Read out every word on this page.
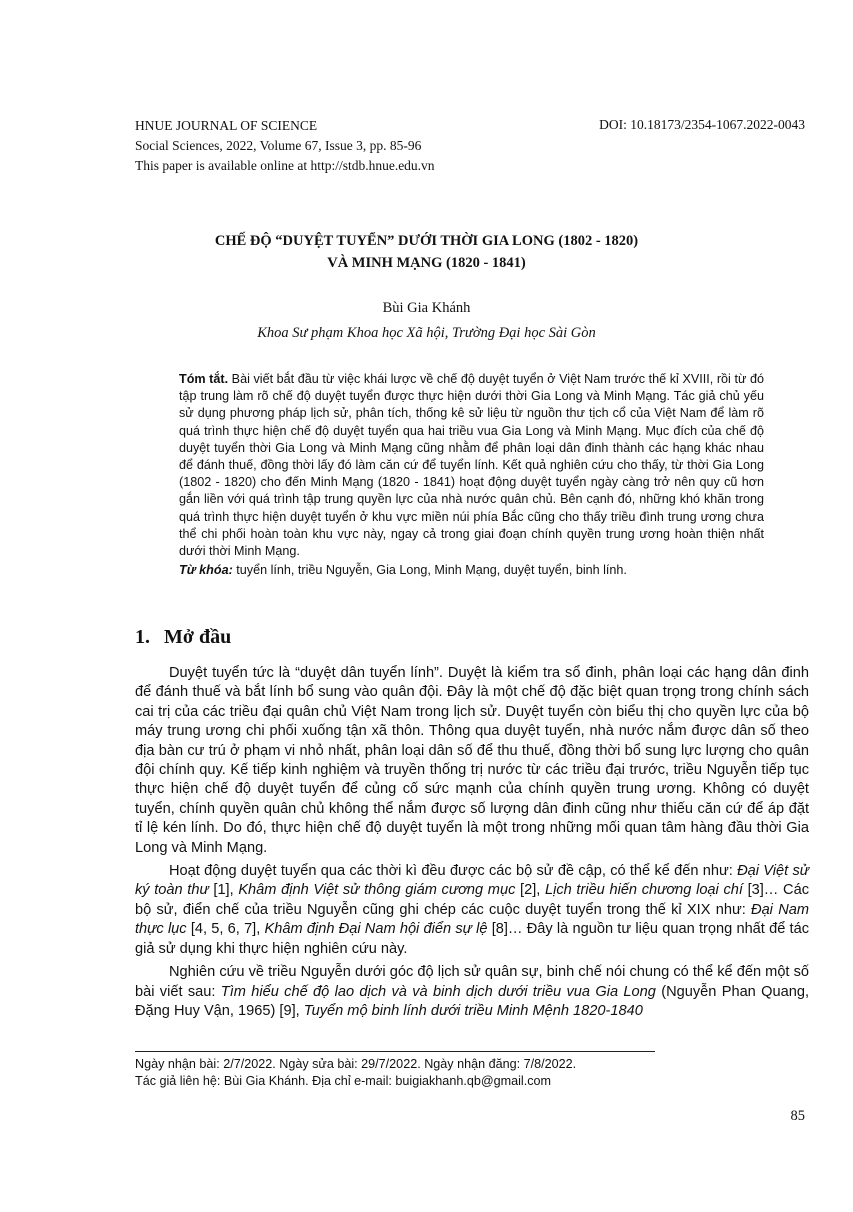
HNUE JOURNAL OF SCIENCE	DOI: 10.18173/2354-1067.2022-0043
Social Sciences, 2022, Volume 67, Issue 3, pp. 85-96
This paper is available online at http://stdb.hnue.edu.vn
CHẾ ĐỘ “DUYỆT TUYỂN” DƯỚI THỜI GIA LONG (1802 - 1820)
VÀ MINH MẠNG (1820 - 1841)
Bùi Gia Khánh
Khoa Sư phạm Khoa học Xã hội, Trường Đại học Sài Gòn

Tóm tắt. Bài viết bắt đầu từ việc khái lược về chế độ duyệt tuyển ở Việt Nam trước thế kỉ XVIII, rồi từ đó tập trung làm rõ chế độ duyệt tuyển được thực hiện dưới thời Gia Long và Minh Mạng. Tác giả chủ yếu sử dụng phương pháp lịch sử, phân tích, thống kê sử liệu từ nguồn thư tịch cổ của Việt Nam để làm rõ quá trình thực hiện chế độ duyệt tuyển qua hai triều vua Gia Long và Minh Mạng. Mục đích của chế độ duyệt tuyển thời Gia Long và Minh Mạng cũng nhằm để phân loại dân đinh thành các hạng khác nhau để đánh thuế, đồng thời lấy đó làm căn cứ để tuyển lính. Kết quả nghiên cứu cho thấy, từ thời Gia Long (1802 - 1820) cho đến Minh Mạng (1820 - 1841) hoạt động duyệt tuyển ngày càng trở nên quy cũ hơn gắn liền với quá trình tập trung quyền lực của nhà nước quân chủ. Bên cạnh đó, những khó khăn trong quá trình thực hiện duyệt tuyển ở khu vực miền núi phía Bắc cũng cho thấy triều đình trung ương chưa thể chi phối hoàn toàn khu vực này, ngay cả trong giai đoạn chính quyền trung ương hoàn thiện nhất dưới thời Minh Mạng.

Từ khóa: tuyển lính, triều Nguyễn, Gia Long, Minh Mạng, duyệt tuyển, binh lính.

1. Mở đầu

Duyệt tuyển tức là “duyệt dân tuyển lính”. Duyệt là kiểm tra sổ đinh, phân loại các hạng dân đinh để đánh thuế và bắt lính bổ sung vào quân đội. Đây là một chế độ đặc biệt quan trọng trong chính sách cai trị của các triều đại quân chủ Việt Nam trong lịch sử. Duyệt tuyển còn biểu thị cho quyền lực của bộ máy trung ương chi phối xuống tận xã thôn. Thông qua duyệt tuyển, nhà nước nắm được dân số theo địa bàn cư trú ở phạm vi nhỏ nhất, phân loại dân số để thu thuế, đồng thời bổ sung lực lượng cho quân đội chính quy. Kế tiếp kinh nghiệm và truyền thống trị nước từ các triều đại trước, triều Nguyễn tiếp tục thực hiện chế độ duyệt tuyển để củng cố sức mạnh của chính quyền trung ương. Không có duyệt tuyển, chính quyền quân chủ không thể nắm được số lượng dân đinh cũng như thiếu căn cứ để áp đặt tỉ lệ kén lính. Do đó, thực hiện chế độ duyệt tuyển là một trong những mối quan tâm hàng đầu thời Gia Long và Minh Mạng.

Hoạt động duyệt tuyển qua các thời kì đều được các bộ sử đề cập, có thể kể đến như: Đại Việt sử ký toàn thư [1], Khâm định Việt sử thông giám cương mục [2], Lịch triều hiến chương loại chí [3]… Các bộ sử, điển chế của triều Nguyễn cũng ghi chép các cuộc duyệt tuyển trong thế kỉ XIX như: Đại Nam thực lục [4, 5, 6, 7], Khâm định Đại Nam hội điển sự lệ [8]… Đây là nguồn tư liệu quan trọng nhất để tác giả sử dụng khi thực hiện nghiên cứu này.

Nghiên cứu về triều Nguyễn dưới góc độ lịch sử quân sự, binh chế nói chung có thể kể đến một số bài viết sau: Tìm hiểu chế độ lao dịch và và binh dịch dưới triều vua Gia Long (Nguyễn Phan Quang, Đặng Huy Vận, 1965) [9], Tuyển mộ binh lính dưới triều Minh Mệnh 1820-1840

Ngày nhận bài: 2/7/2022. Ngày sửa bài: 29/7/2022. Ngày nhận đăng: 7/8/2022.
Tác giả liên hệ: Bùi Gia Khánh. Địa chỉ e-mail: buigiakhanh.qb@gmail.com
85
